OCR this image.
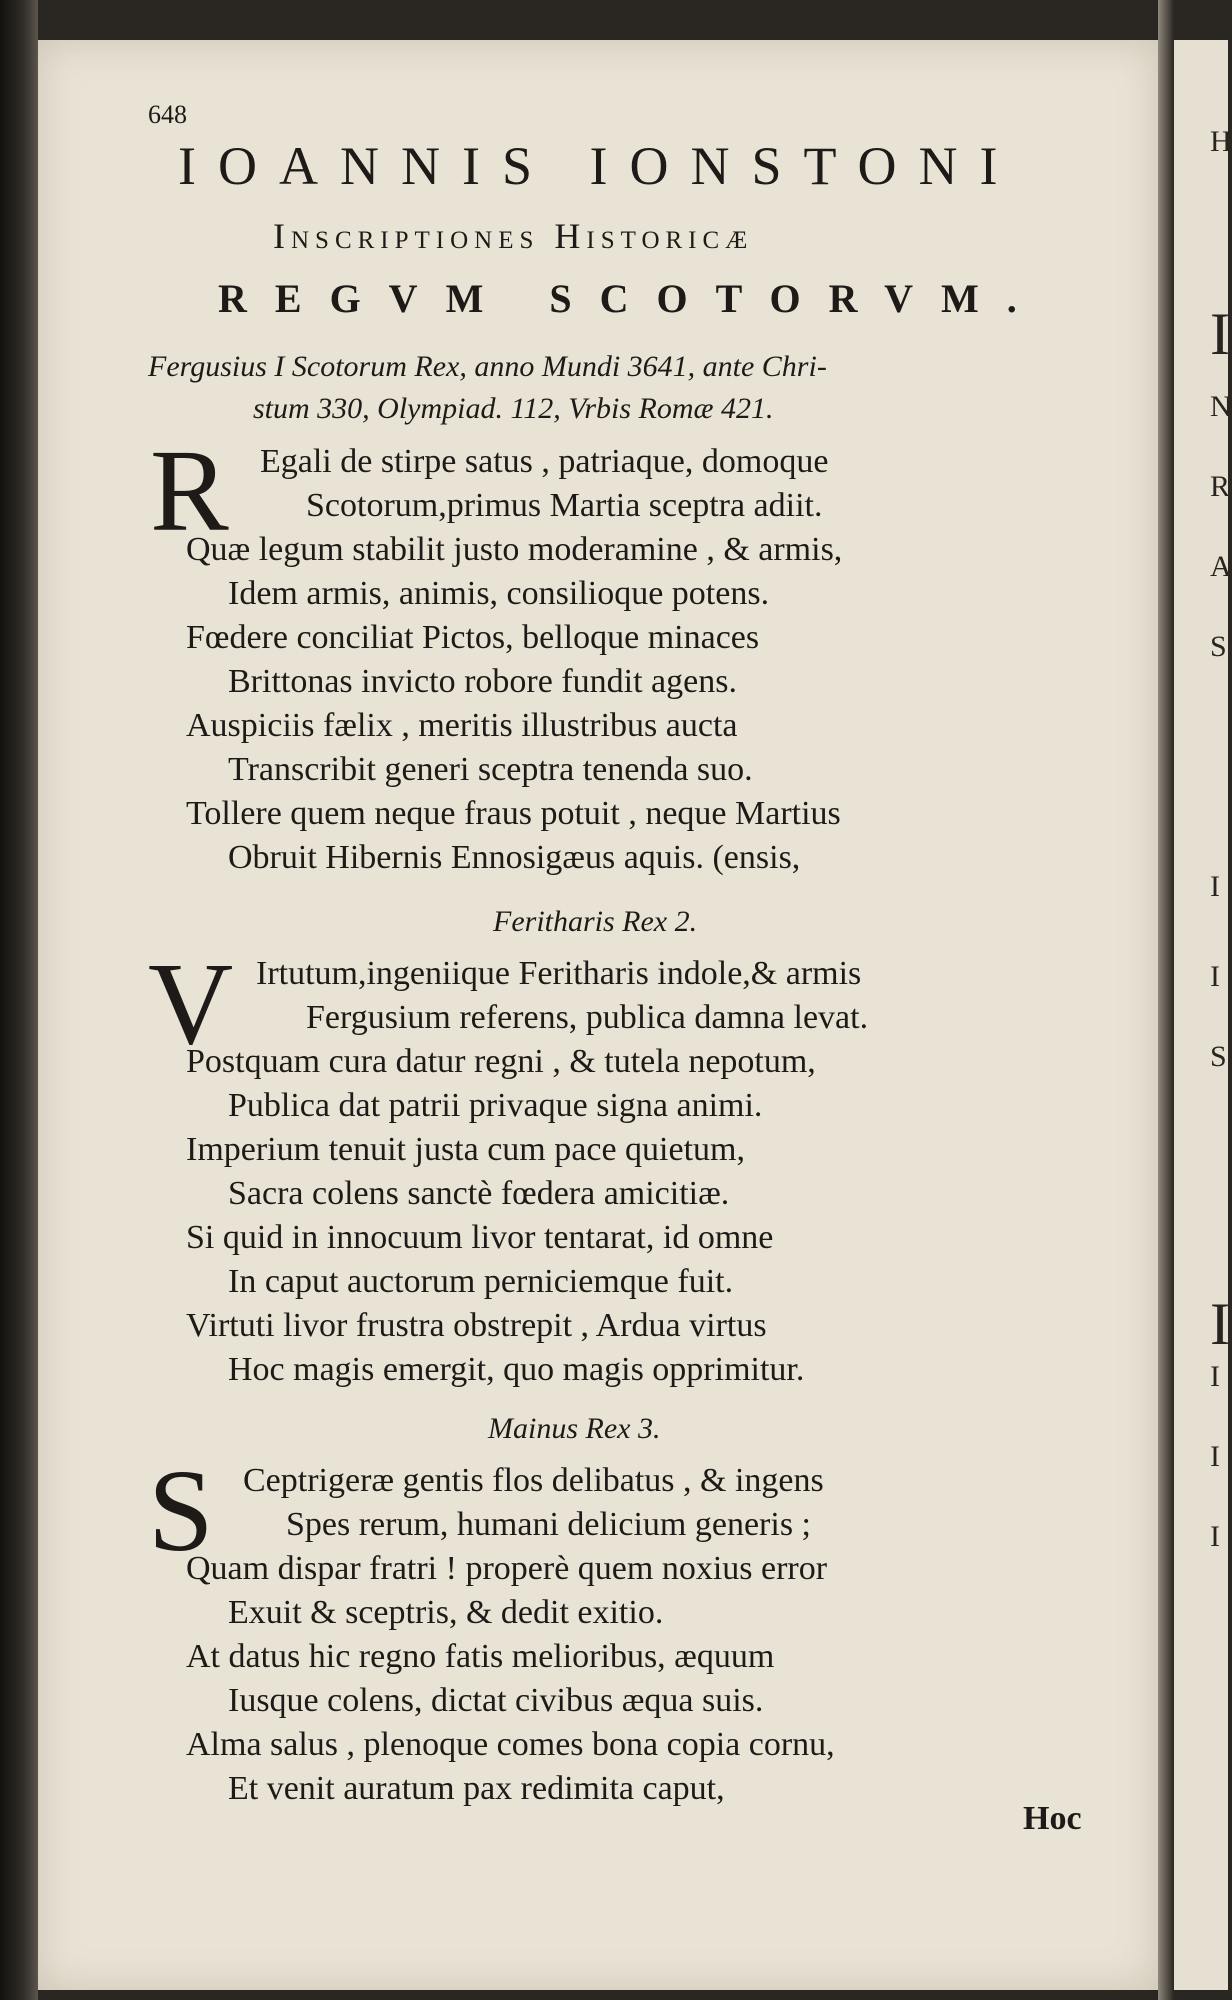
648
IOANNIS IONSTONI
Inscriptiones Historicæ
REGVM SCOTORVM.
Fergusius I Scotorum Rex, anno Mundi 3641, ante Chri-
stum 330, Olympiad. 112, Vrbis Romæ 421.
R Egali de stirpe satus , patriaque, domoque
Scotorum,primus Martia sceptra adiit.
Quæ legum stabilit justo moderamine , & armis,
Idem armis, animis, consilioque potens.
Fœdere conciliat Pictos, belloque minaces
Brittonas invicto robore fundit agens.
Auspiciis fælix , meritis illustribus aucta
Transcribit generi sceptra tenenda suo.
Tollere quem neque fraus potuit , neque Martius
Obruit Hibernis Ennosigæus aquis. (ensis,
Feritharis Rex 2.
V Irtutum,ingeniique Feritharis indole,& armis
Fergusium referens, publica damna levat.
Postquam cura datur regni , & tutela nepotum,
Publica dat patrii privaque signa animi.
Imperium tenuit justa cum pace quietum,
Sacra colens sanctè fœdera amicitiæ.
Si quid in innocuum livor tentarat, id omne
In caput auctorum perniciemque fuit.
Virtuti livor frustra obstrepit , Ardua virtus
Hoc magis emergit, quo magis opprimitur.
Mainus Rex 3.
S Ceptrigeræ gentis flos delibatus , & ingens
Spes rerum, humani delicium generis ;
Quam dispar fratri ! properè quem noxius error
Exuit & sceptris, & dedit exitio.
At datus hic regno fatis melioribus, æquum
Iusque colens, dictat civibus æqua suis.
Alma salus , plenoque comes bona copia cornu,
Et venit auratum pax redimita caput,
Hoc
H
I
N
R
A
S
I
I
S
I
I
I
I
